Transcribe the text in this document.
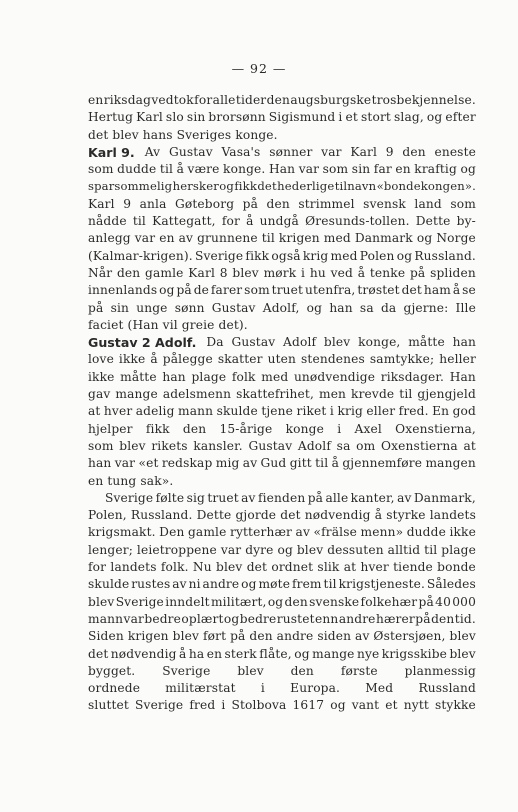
— 92 —
en riksdag vedtok for alle tider den augsburgske trosbekjennelse.
Hertug Karl slo sin brorsønn Sigismund i et stort slag, og efter
det blev hans Sveriges konge.
Karl 9. Av Gustav Vasa's sønner var Karl 9 den eneste
som dudde til å være konge. Han var som sin far en kraftig og
sparsommelig hersker og fikk det hederlige tilnavn «bondekongen».
Karl 9 anla Gøteborg på den strimmel svensk land som
nådde til Kattegatt, for å undgå Øresunds-tollen. Dette by-
anlegg var en av grunnene til krigen med Danmark og Norge
(Kalmar-krigen). Sverige fikk også krig med Polen og Russland.
Når den gamle Karl 8 blev mørk i hu ved å tenke på spliden
innenlands og på de farer som truet utenfra, trøstet det ham å se
på sin unge sønn Gustav Adolf, og han sa da gjerne: Ille
faciet (Han vil greie det).
Gustav 2 Adolf. Da Gustav Adolf blev konge, måtte han
love ikke å pålegge skatter uten stendenes samtykke; heller
ikke måtte han plage folk med unødvendige riksdager. Han
gav mange adelsmenn skattefrihet, men krevde til gjengjeld
at hver adelig mann skulde tjene riket i krig eller fred. En god
hjelper fikk den 15-årige konge i Axel Oxenstierna,
som blev rikets kansler. Gustav Adolf sa om Oxenstierna at
han var «et redskap mig av Gud gitt til å gjennemføre mangen
en tung sak».
Sverige følte sig truet av fienden på alle kanter, av Danmark,
Polen, Russland. Dette gjorde det nødvendig å styrke landets
krigsmakt. Den gamle rytterhær av «frälse menn» dudde ikke
lenger; leietroppene var dyre og blev dessuten alltid til plage
for landets folk. Nu blev det ordnet slik at hver tiende bonde
skulde rustes av ni andre og møte frem til krigstjeneste. Således
blev Sverige inndelt militært, og den svenske folkehær på 40 000
mann var bedre oplært og bedre rustet enn andre hærer på den tid.
Siden krigen blev ført på den andre siden av Østersjøen, blev
det nødvendig å ha en sterk flåte, og mange nye krigsskibe blev
bygget. Sverige blev den første planmessig
ordnede militærstat i Europa. Med Russland
sluttet Sverige fred i Stolbova 1617 og vant et nytt stykke
